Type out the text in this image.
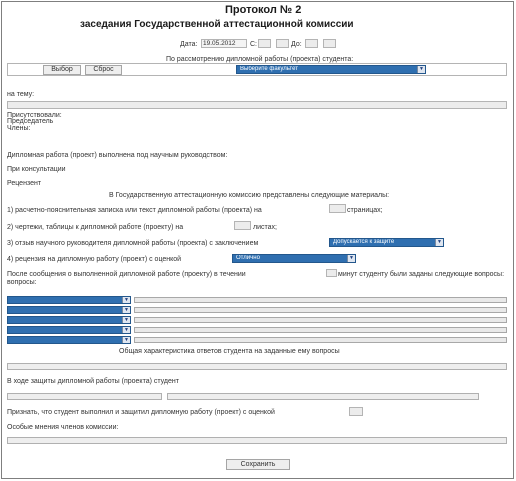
Протокол № 2
заседания Государственной аттестационной комиссии
Дата: 19.05.2012	С:	До:
По рассмотрению дипломной работы (проекта) студента:
Выбор	Сброс	Выберите факультет	▼
на тему:
Присутствовали:
Председатель
Члены:
Дипломная работа (проект) выполнена под научным руководством:
При консультации
Рецензент
В Государственную аттестационную комиссию представлены следующие материалы:
1) расчетно-пояснительная записка или текст дипломной работы (проекта) на	страницах;
2) чертежи, таблицы к дипломной работе (проекту) на	листах;
3) отзыв научного руководителя дипломной работы (проекта) с заключением	Допускается к защите	▼
4) рецензия на дипломную работу (проект) с оценкой	Отлично	▼
После сообщения о выполненной дипломной работе (проекту) в течении	минут студенту были заданы следующие вопросы:
вопросы:
▼
▼
▼
▼
▼
Общая характеристика ответов студента на заданные ему вопросы
В ходе защиты дипломной работы (проекта) студент
Признать, что студент выполнил и защитил дипломную работу (проект) с оценкой
Особые мнения членов комиссии:
Сохранить
